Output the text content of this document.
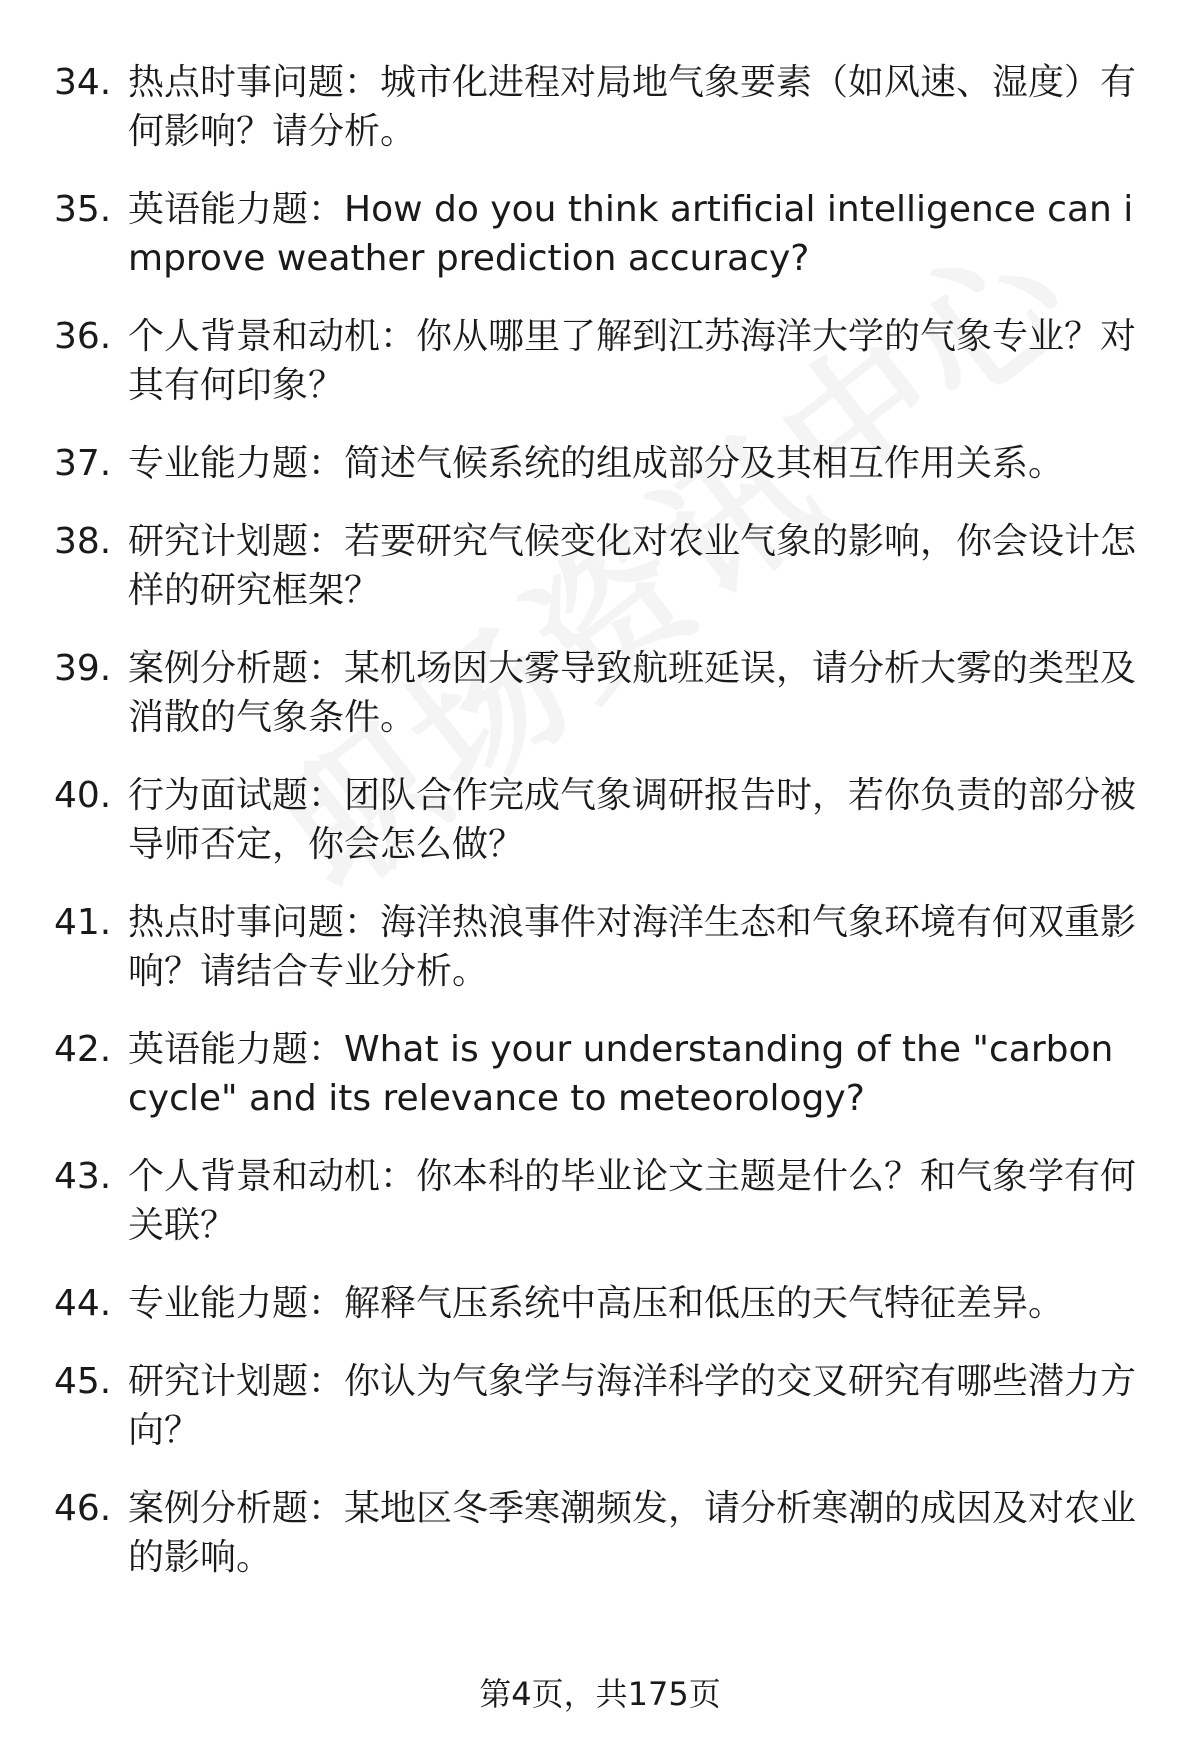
34. 热点时事问题：城市化进程对局地气象要素（如风速、湿度）有何影响？请分析。
35. 英语能力题：How do you think artificial intelligence can improve weather prediction accuracy?
36. 个人背景和动机：你从哪里了解到江苏海洋大学的气象专业？对其有何印象？
37. 专业能力题：简述气候系统的组成部分及其相互作用关系。
38. 研究计划题：若要研究气候变化对农业气象的影响，你会设计怎样的研究框架？
39. 案例分析题：某机场因大雾导致航班延误，请分析大雾的类型及消散的气象条件。
40. 行为面试题：团队合作完成气象调研报告时，若你负责的部分被导师否定，你会怎么做？
41. 热点时事问题：海洋热浪事件对海洋生态和气象环境有何双重影响？请结合专业分析。
42. 英语能力题：What is your understanding of the "carbon cycle" and its relevance to meteorology?
43. 个人背景和动机：你本科的毕业论文主题是什么？和气象学有何关联？
44. 专业能力题：解释气压系统中高压和低压的天气特征差异。
45. 研究计划题：你认为气象学与海洋科学的交叉研究有哪些潜力方向？
46. 案例分析题：某地区冬季寒潮频发，请分析寒潮的成因及对农业的影响。
第4页，共175页
